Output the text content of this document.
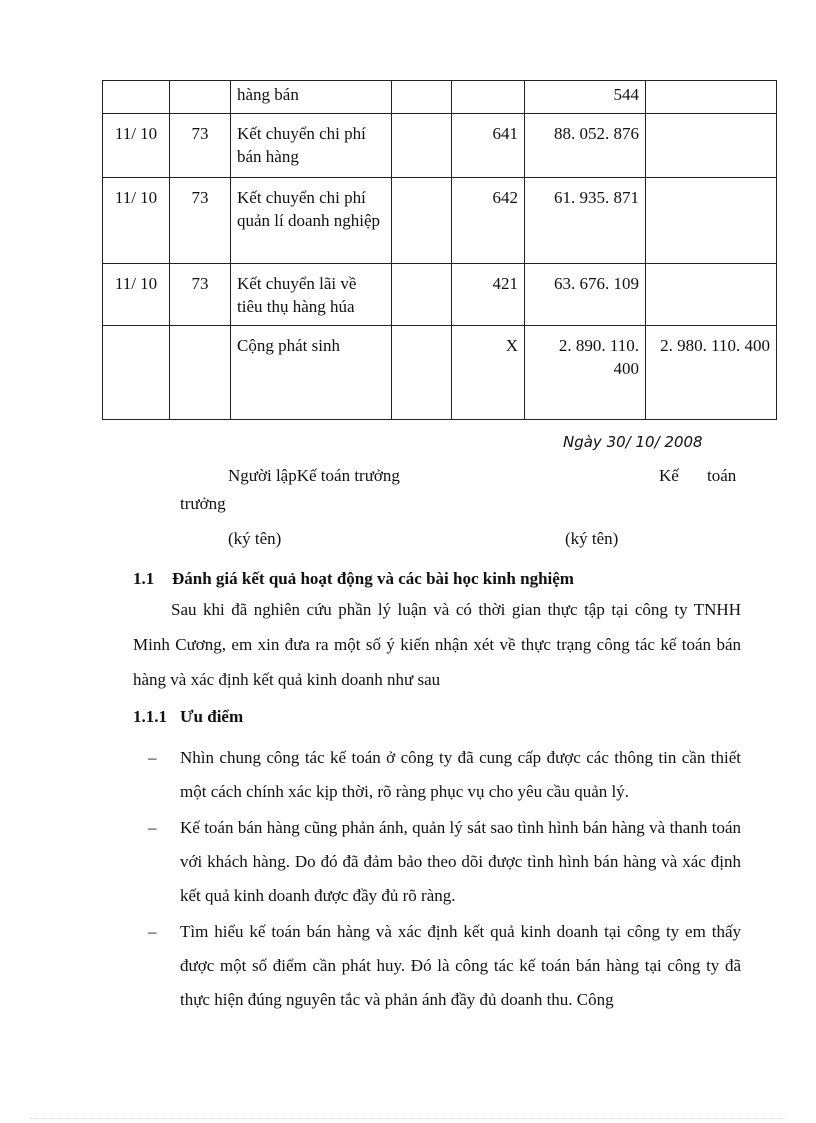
		hàng bán			544	
11/ 10	73	Kết chuyển chi phí bán hàng		641	88. 052. 876	
11/ 10	73	Kết chuyển chi phí quản lí doanh nghiệp		642	61. 935. 871	
11/ 10	73	Kết chuyển lãi về tiêu thụ hàng húa		421	63. 676. 109	
		Cộng phát sinh		X	2. 890. 110. 400	2. 980. 110. 400
Ngày 30/ 10/ 2008
Người lậpKế toán trưởng	Kế toán
trưởng
(ký tên)	(ký tên)
1.1 Đánh giá kết quả hoạt động và các bài học kinh nghiệm
Sau khi đã nghiên cứu phần lý luận và có thời gian thực tập tại công ty TNHH Minh Cương, em xin đưa ra một số ý kiến nhận xét về thực trạng công tác kế toán bán hàng và xác định kết quả kinh doanh như sau
1.1.1 Ưu điểm
– Nhìn chung công tác kế toán ở công ty đã cung cấp được các thông tin cần thiết một cách chính xác kịp thời, rõ ràng phục vụ cho yêu cầu quản lý.
– Kế toán bán hàng cũng phản ánh, quản lý sát sao tình hình bán hàng và thanh toán với khách hàng. Do đó đã đảm bảo theo dõi được tình hình bán hàng và xác định kết quả kinh doanh được đầy đủ rõ ràng.
– Tìm hiểu kế toán bán hàng và xác định kết quả kinh doanh tại công ty em thấy được một số điểm cần phát huy. Đó là công tác kế toán bán hàng tại công ty đã thực hiện đúng nguyên tắc và phản ánh đầy đủ doanh thu. Công
